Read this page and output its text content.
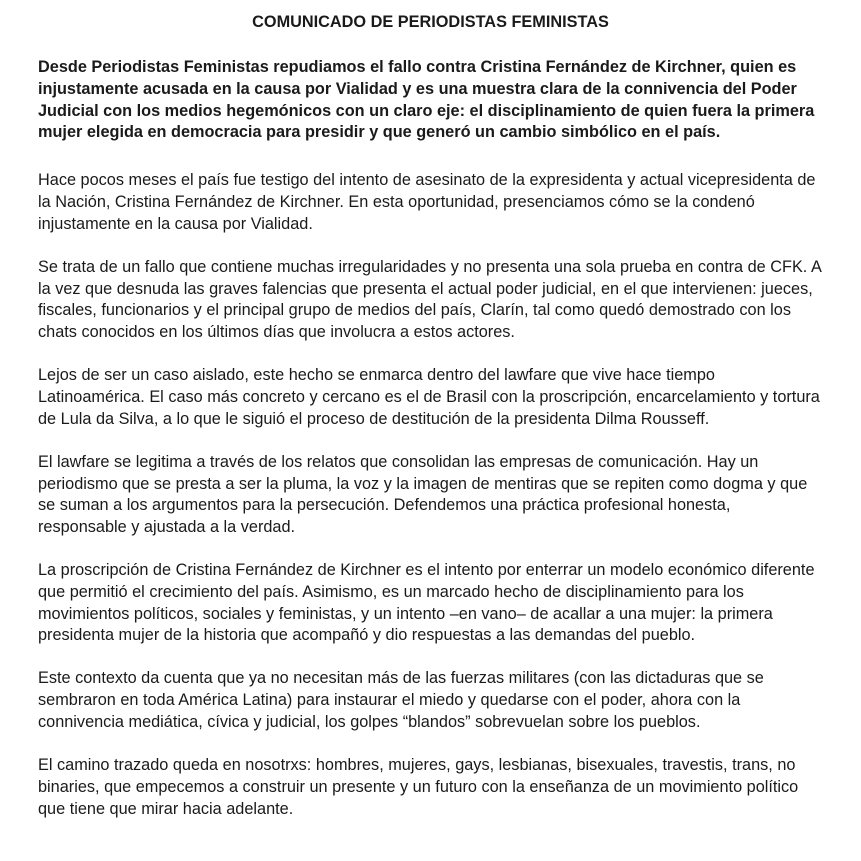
COMUNICADO DE PERIODISTAS FEMINISTAS
Desde Periodistas Feministas repudiamos el fallo contra Cristina Fernández de Kirchner, quien es injustamente acusada en la causa por Vialidad y es una muestra clara de la connivencia del Poder Judicial con los medios hegemónicos con un claro eje: el disciplinamiento de quien fuera la primera mujer elegida en democracia para presidir y que generó un cambio simbólico en el país.
Hace pocos meses el país fue testigo del intento de asesinato de la expresidenta y actual vicepresidenta de la Nación, Cristina Fernández de Kirchner. En esta oportunidad, presenciamos cómo se la condenó injustamente en la causa por Vialidad.
Se trata de un fallo que contiene muchas irregularidades y no presenta una sola prueba en contra de CFK. A la vez que desnuda las graves falencias que presenta el actual poder judicial, en el que intervienen: jueces, fiscales, funcionarios y el principal grupo de medios del país, Clarín, tal como quedó demostrado con los chats conocidos en los últimos días que involucra a estos actores.
Lejos de ser un caso aislado, este hecho se enmarca dentro del lawfare que vive hace tiempo Latinoamérica. El caso más concreto y cercano es el de Brasil con la proscripción, encarcelamiento y tortura de Lula da Silva, a lo que le siguió el proceso de destitución de la presidenta Dilma Rousseff.
El lawfare se legitima a través de los relatos que consolidan las empresas de comunicación. Hay un periodismo que se presta a ser la pluma, la voz y la imagen de mentiras que se repiten como dogma y que se suman a los argumentos para la persecución. Defendemos una práctica profesional honesta, responsable y ajustada a la verdad.
La proscripción de Cristina Fernández de Kirchner es el intento por enterrar un modelo económico diferente que permitió el crecimiento del país. Asimismo, es un marcado hecho de disciplinamiento para los movimientos políticos, sociales y feministas, y un intento –en vano– de acallar a una mujer: la primera presidenta mujer de la historia que acompañó y dio respuestas a las demandas del pueblo.
Este contexto da cuenta que ya no necesitan más de las fuerzas militares (con las dictaduras que se sembraron en toda América Latina) para instaurar el miedo y quedarse con el poder, ahora con la connivencia mediática, cívica y judicial, los golpes “blandos” sobrevuelan sobre los pueblos.
El camino trazado queda en nosotrxs: hombres, mujeres, gays, lesbianas, bisexuales, travestis, trans, no binaries, que empecemos a construir un presente y un futuro con la enseñanza de un movimiento político que tiene que mirar hacia adelante.
